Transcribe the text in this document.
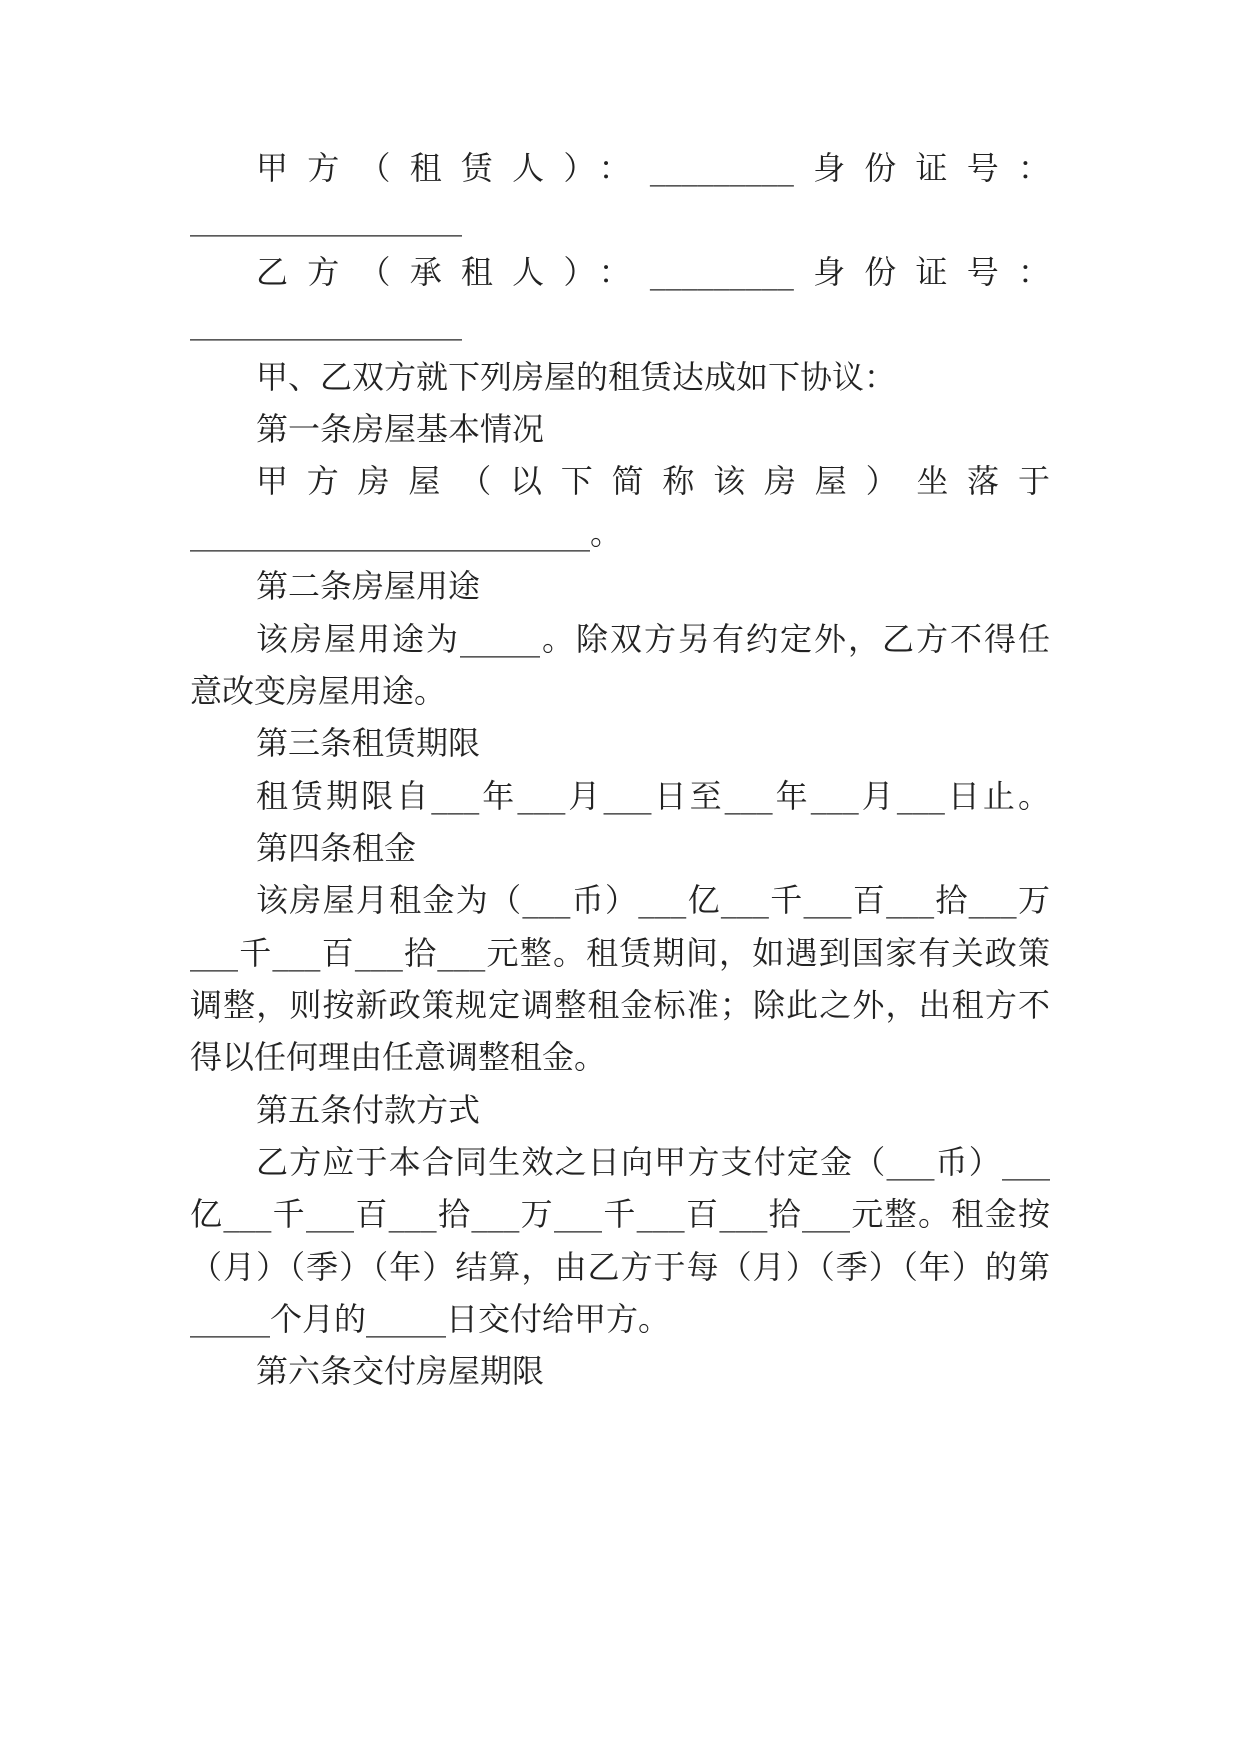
甲方（租赁人）：_________身份证号：
_________________
乙方（承租人）：_________身份证号：
_________________
甲、乙双方就下列房屋的租赁达成如下协议：
第一条房屋基本情况
甲方房屋（以下简称该房屋）坐落于
_________________________。
第二条房屋用途
该房屋用途为_____。除双方另有约定外，乙方不得任
意改变房屋用途。
第三条租赁期限
租赁期限自___年___月___日至___年___月___日止。
第四条租金
该房屋月租金为（___币）___亿___千___百___拾___万
___千___百___拾___元整。租赁期间，如遇到国家有关政策
调整，则按新政策规定调整租金标准；除此之外，出租方不
得以任何理由任意调整租金。
第五条付款方式
乙方应于本合同生效之日向甲方支付定金（___币）___
亿___千___百___拾___万___千___百___拾___元整。租金按
（月）（季）（年）结算，由乙方于每（月）（季）（年）的第
_____个月的_____日交付给甲方。
第六条交付房屋期限
